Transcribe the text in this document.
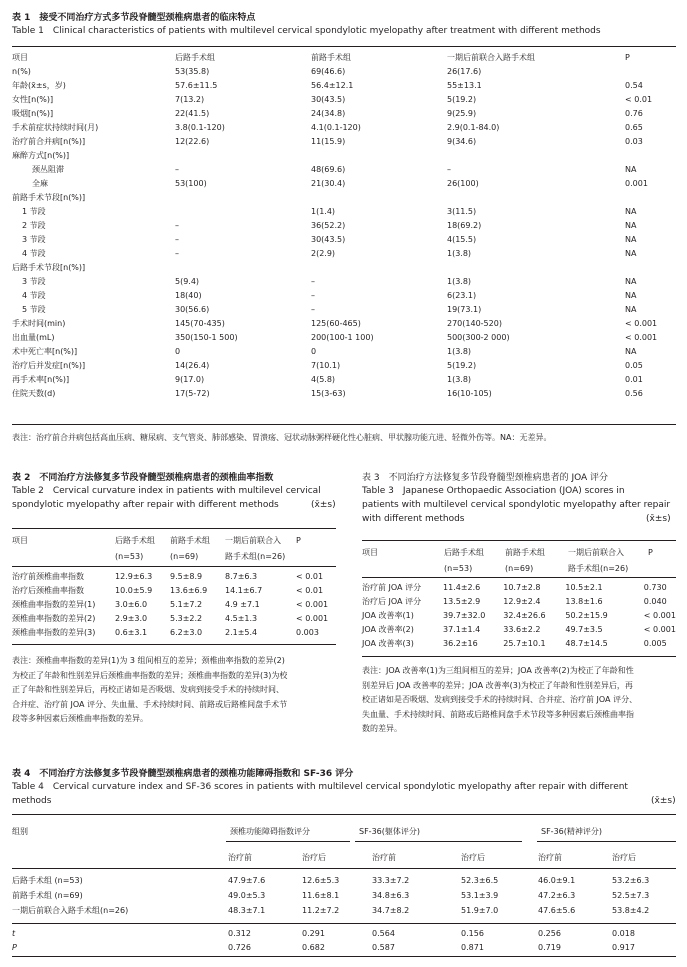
表 1　接受不同治疗方式多节段脊髓型颈椎病患者的临床特点
Table 1　Clinical characteristics of patients with multilevel cervical spondylotic myelopathy after treatment with different methods
项目	后路手术组	前路手术组	一期后前联合入路手术组	P
n(%)	53(35.8)	69(46.6)	26(17.6)	
年龄(x̄±s，岁)	57.6±11.5	56.4±12.1	55±13.1	0.54
女性[n(%)]	7(13.2)	30(43.5)	5(19.2)	< 0.01
吸烟[n(%)]	22(41.5)	24(34.8)	9(25.9)	0.76
手术前症状持续时间(月)	3.8(0.1-120)	4.1(0.1-120)	2.9(0.1-84.0)	0.65
治疗前合并病[n(%)]	12(22.6)	11(15.9)	9(34.6)	0.03
麻醉方式[n(%)]				
颈丛阻滞	–	48(69.6)	–	NA
全麻	53(100)	21(30.4)	26(100)	0.001
前路手术节段[n(%)]				
1 节段		1(1.4)	3(11.5)	NA
2 节段	–	36(52.2)	18(69.2)	NA
3 节段	–	30(43.5)	4(15.5)	NA
4 节段	–	2(2.9)	1(3.8)	NA
后路手术节段[n(%)]				
3 节段	5(9.4)	–	1(3.8)	NA
4 节段	18(40)	–	6(23.1)	NA
5 节段	30(56.6)	–	19(73.1)	NA
手术时间(min)	145(70-435)	125(60-465)	270(140-520)	< 0.001
出血量(mL)	350(150-1 500)	200(100-1 100)	500(300-2 000)	< 0.001
术中死亡率[n(%)]	0	0	1(3.8)	NA
治疗后并发症[n(%)]	14(26.4)	7(10.1)	5(19.2)	0.05
再手术率[n(%)]	9(17.0)	4(5.8)	1(3.8)	0.01
住院天数(d)	17(5-72)	15(3-63)	16(10-105)	0.56
表注：治疗前合并病包括高血压病、糖尿病、支气管炎、肺部感染、胃溃疡、冠状动脉粥样硬化性心脏病、甲状腺功能亢进、轻微外伤等。NA：无差异。
表 2　不同治疗方法修复多节段脊髓型颈椎病患者的颈椎曲率指数
Table 2　Cervical curvature index in patients with multilevel cervical
spondylotic myelopathy after repair with different methods	(x̄±s)
项目	后路手术组	前路手术组	一期后前联合入	P
	(n=53)	(n=69)	路手术组(n=26)	
治疗前颈椎曲率指数	12.9±6.3	9.5±8.9	8.7±6.3	< 0.01
治疗后颈椎曲率指数	10.0±5.9	13.6±6.9	14.1±6.7	< 0.01
颈椎曲率指数的差异(1)	3.0±6.0	5.1±7.2	4.9 ±7.1	< 0.001
颈椎曲率指数的差异(2)	2.9±3.0	5.3±2.2	4.5±1.3	< 0.001
颈椎曲率指数的差异(3)	0.6±3.1	6.2±3.0	2.1±5.4	0.003
表注：颈椎曲率指数的差异(1)为 3 组间相互的差异；颈椎曲率指数的差异(2)
为校正了年龄和性别差异后颈椎曲率指数的差异；颈椎曲率指数的差异(3)为校
正了年龄和性别差异后，再校正诸如是否吸烟、发病到接受手术的持续时间、
合并症、治疗前 JOA 评分、失血量、手术持续时间、前路或后路椎间盘手术节
段等多种因素后颈椎曲率指数的差异。
表 3　不同治疗方法修复多节段脊髓型颈椎病患者的 JOA 评分
Table 3　Japanese Orthopaedic Association (JOA) scores in
patients with multilevel cervical spondylotic myelopathy after repair
with different methods	(x̄±s)
项目	后路手术组	前路手术组	一期后前联合入	P
	(n=53)	(n=69)	路手术组(n=26)	
治疗前 JOA 评分	11.4±2.6	10.7±2.8	10.5±2.1	0.730
治疗后 JOA 评分	13.5±2.9	12.9±2.4	13.8±1.6	0.040
JOA 改善率(1)	39.7±32.0	32.4±26.6	50.2±15.9	< 0.001
JOA 改善率(2)	37.1±1.4	33.6±2.2	49.7±3.5	< 0.001
JOA 改善率(3)	36.2±16	25.7±10.1	48.7±14.5	0.005
表注：JOA 改善率(1)为三组间相互的差异；JOA 改善率(2)为校正了年龄和性
别差异后 JOA 改善率的差异；JOA 改善率(3)为校正了年龄和性别差异后，再
校正诸如是否吸烟、发病到接受手术的持续时间、合并症、治疗前 JOA 评分、
失血量、手术持续时间、前路或后路椎间盘手术节段等多种因素后颈椎曲率指
数的差异。
表 4　不同治疗方法修复多节段脊髓型颈椎病患者的颈椎功能障碍指数和 SF-36 评分
Table 4　Cervical curvature index and SF-36 scores in patients with multilevel cervical spondylotic myelopathy after repair with different
methods	(x̄±s)
组别	颈椎功能障碍指数评分	SF-36(躯体评分)	SF-36(精神评分)
	治疗前	治疗后	治疗前	治疗后	治疗前	治疗后
后路手术组 (n=53)	47.9±7.6	12.6±5.3	33.3±7.2	52.3±6.5	46.0±9.1	53.2±6.3
前路手术组 (n=69)	49.0±5.3	11.6±8.1	34.8±6.3	53.1±3.9	47.2±6.3	52.5±7.3
一期后前联合入路手术组(n=26)	48.3±7.1	11.2±7.2	34.7±8.2	51.9±7.0	47.6±5.6	53.8±4.2
t	0.312	0.291	0.564	0.156	0.256	0.018
P	0.726	0.682	0.587	0.871	0.719	0.917
